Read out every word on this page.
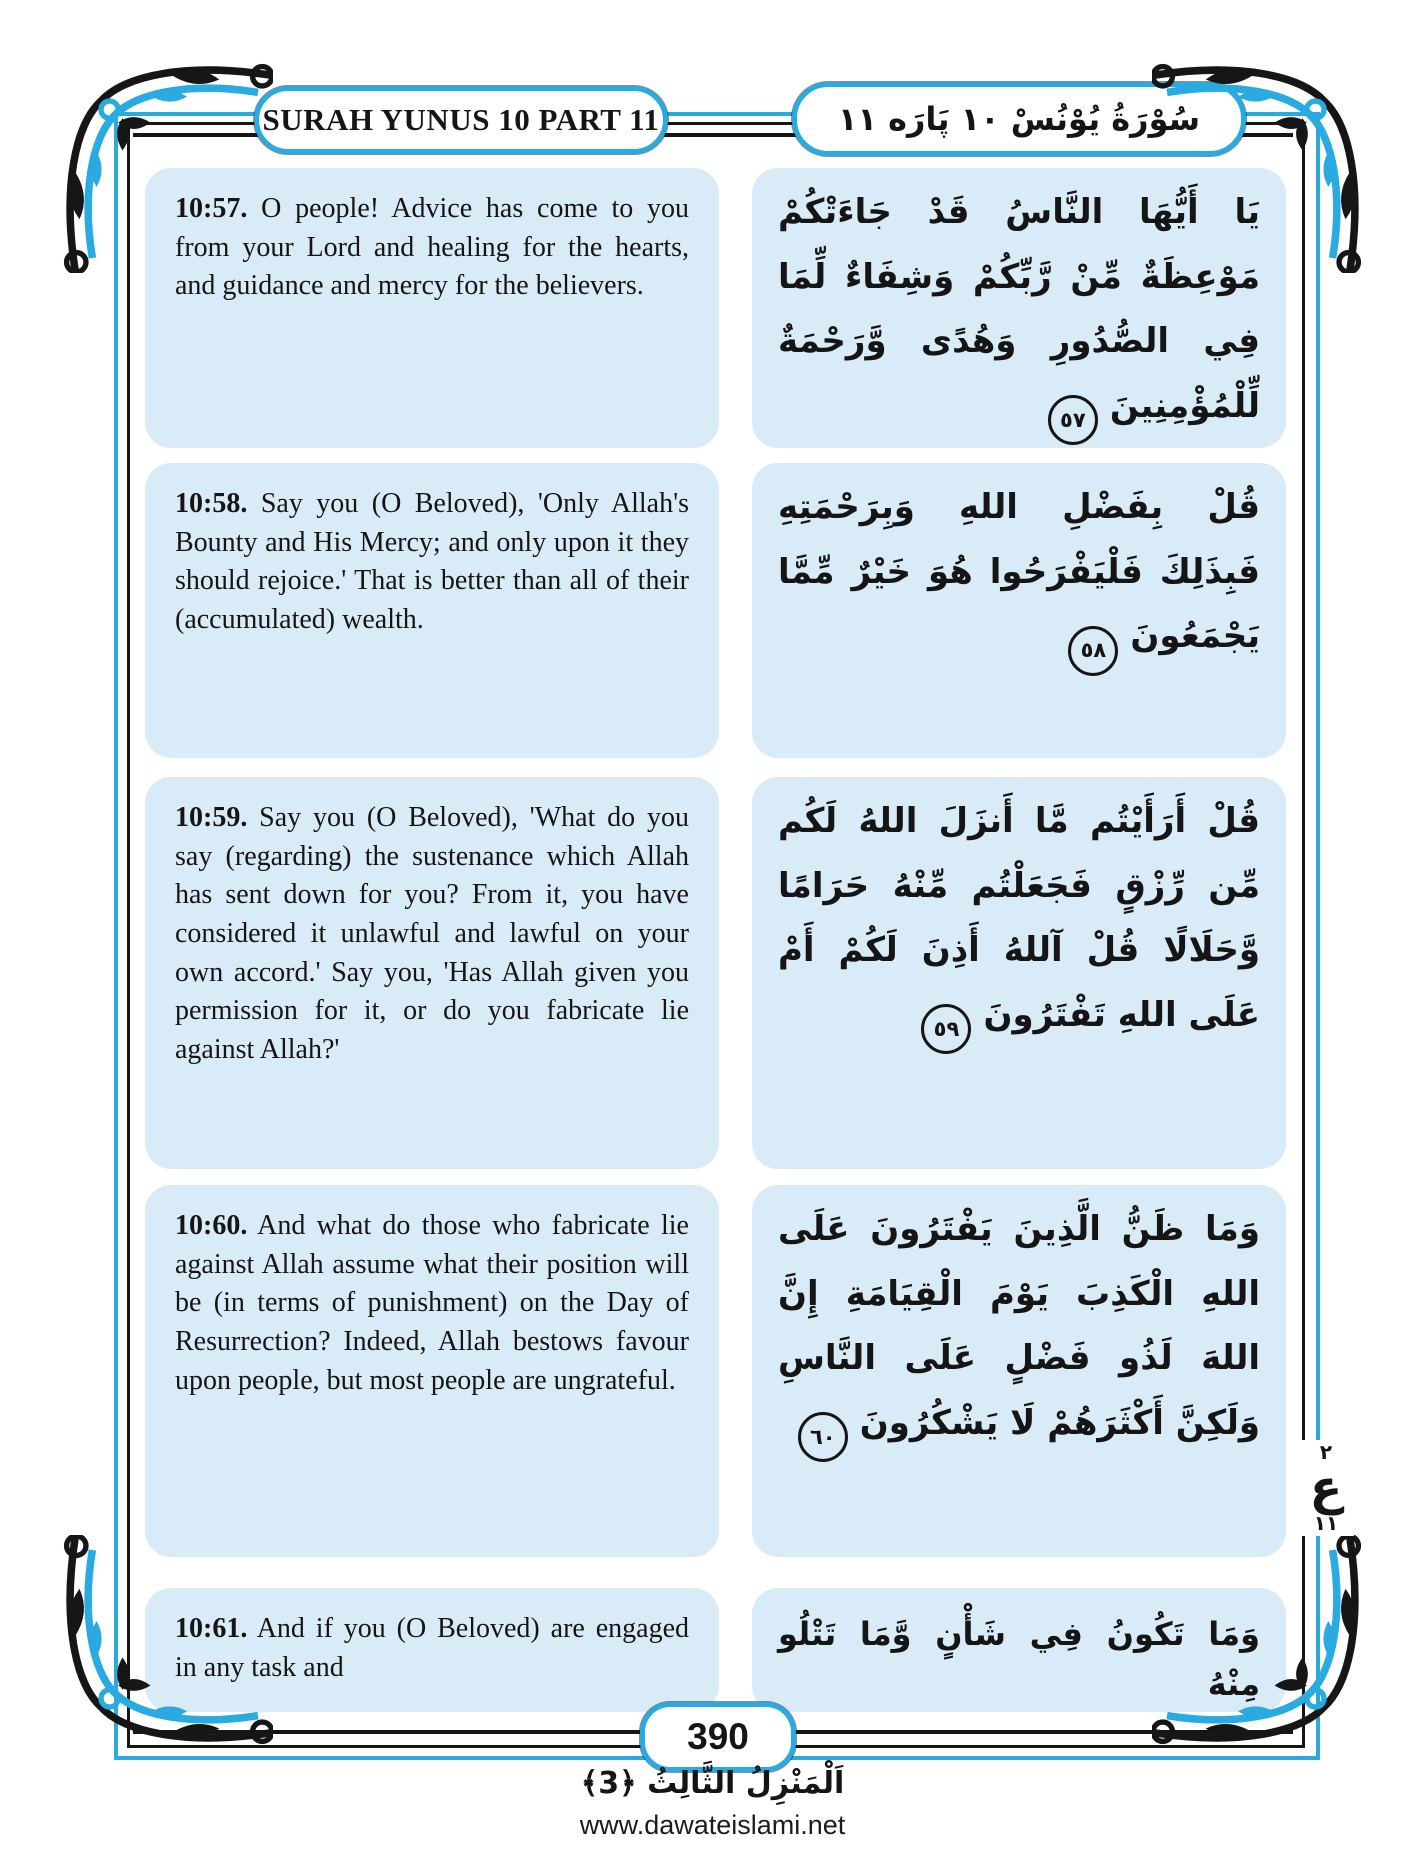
SURAH YUNUS 10 PART 11	سُوْرَةُ يُوْنُسْ ١٠ پَارَه ١١

10:57. O people! Advice has come to you from your Lord and healing for the hearts, and guidance and mercy for the believers.

يَا أَيُّهَا النَّاسُ قَدْ جَاءَتْكُمْ مَوْعِظَةٌ مِّنْ رَّبِّكُمْ وَشِفَاءٌ لِّمَا فِي الصُّدُورِ وَهُدًى وَّرَحْمَةٌ لِّلْمُؤْمِنِينَ٥٧

10:58. Say you (O Beloved), 'Only Allah's Bounty and His Mercy; and only upon it they should rejoice.' That is better than all of their (accumulated) wealth.

قُلْ بِفَضْلِ اللهِ وَبِرَحْمَتِهِ فَبِذَلِكَ فَلْيَفْرَحُوا هُوَ خَيْرٌ مِّمَّا يَجْمَعُونَ٥٨

10:59. Say you (O Beloved), 'What do you say (regarding) the sustenance which Allah has sent down for you? From it, you have considered it unlawful and lawful on your own accord.' Say you, 'Has Allah given you permission for it, or do you fabricate lie against Allah?'

قُلْ أَرَأَيْتُم مَّا أَنزَلَ اللهُ لَكُم مِّن رِّزْقٍ فَجَعَلْتُم مِّنْهُ حَرَامًا وَّحَلَالًا قُلْ آللهُ أَذِنَ لَكُمْ أَمْ عَلَى اللهِ تَفْتَرُونَ٥٩

10:60. And what do those who fabricate lie against Allah assume what their position will be (in terms of punishment) on the Day of Resurrection? Indeed, Allah bestows favour upon people, but most people are ungrateful.

وَمَا ظَنُّ الَّذِينَ يَفْتَرُونَ عَلَى اللهِ الْكَذِبَ يَوْمَ الْقِيَامَةِ إِنَّ اللهَ لَذُو فَضْلٍ عَلَى النَّاسِ وَلَكِنَّ أَكْثَرَهُمْ لَا يَشْكُرُونَ٦٠

10:61. And if you (O Beloved) are engaged in any task and

وَمَا تَكُونُ فِي شَأْنٍ وَّمَا تَتْلُو مِنْهُ
٢
ع
١١
390
اَلْمَنْزِلُ الثَّالِثُ ﴿3﴾
www.dawateislami.net
